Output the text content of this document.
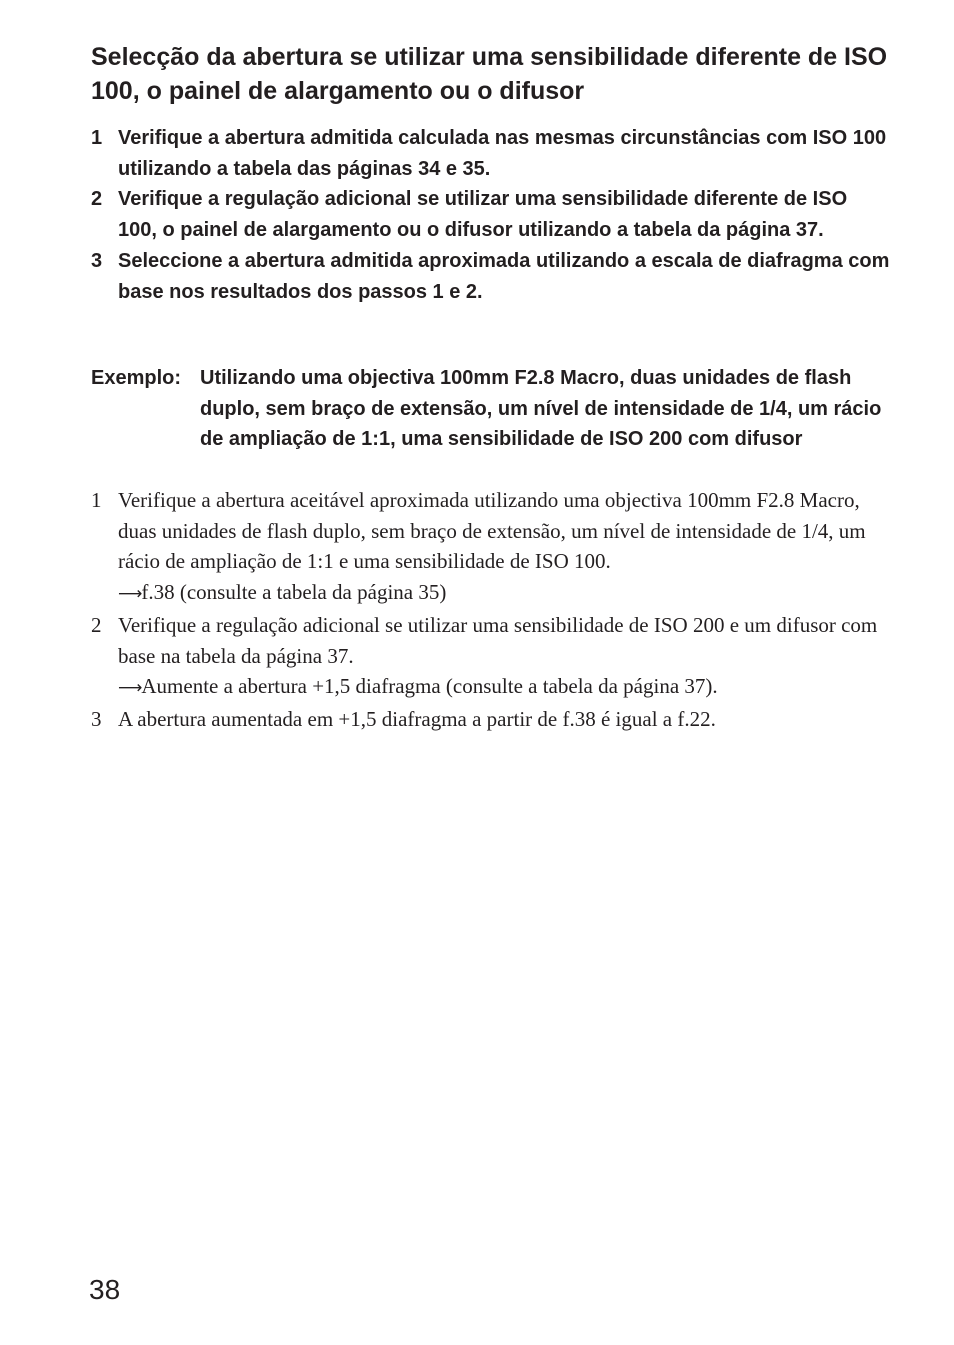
Selecção da abertura se utilizar uma sensibilidade diferente de ISO 100, o painel de alargamento ou o difusor
1 Verifique a abertura admitida calculada nas mesmas circunstâncias com ISO 100 utilizando a tabela das páginas 34 e 35.
2 Verifique a regulação adicional se utilizar uma sensibilidade diferente de ISO 100, o painel de alargamento ou o difusor utilizando a tabela da página 37.
3 Seleccione a abertura admitida aproximada utilizando a escala de diafragma com base nos resultados dos passos 1 e 2.
Exemplo: Utilizando uma objectiva 100mm F2.8 Macro, duas unidades de flash duplo, sem braço de extensão, um nível de intensidade de 1/4, um rácio de ampliação de 1:1, uma sensibilidade de ISO 200 com difusor
1 Verifique a abertura aceitável aproximada utilizando uma objectiva 100mm F2.8 Macro, duas unidades de flash duplo, sem braço de extensão, um nível de intensidade de 1/4, um rácio de ampliação de 1:1 e uma sensibilidade de ISO 100.
⟶f.38 (consulte a tabela da página 35)
2 Verifique a regulação adicional se utilizar uma sensibilidade de ISO 200 e um difusor com base na tabela da página 37.
⟶Aumente a abertura +1,5 diafragma (consulte a tabela da página 37).
3 A abertura aumentada em +1,5 diafragma a partir de f.38 é igual a f.22.
38
